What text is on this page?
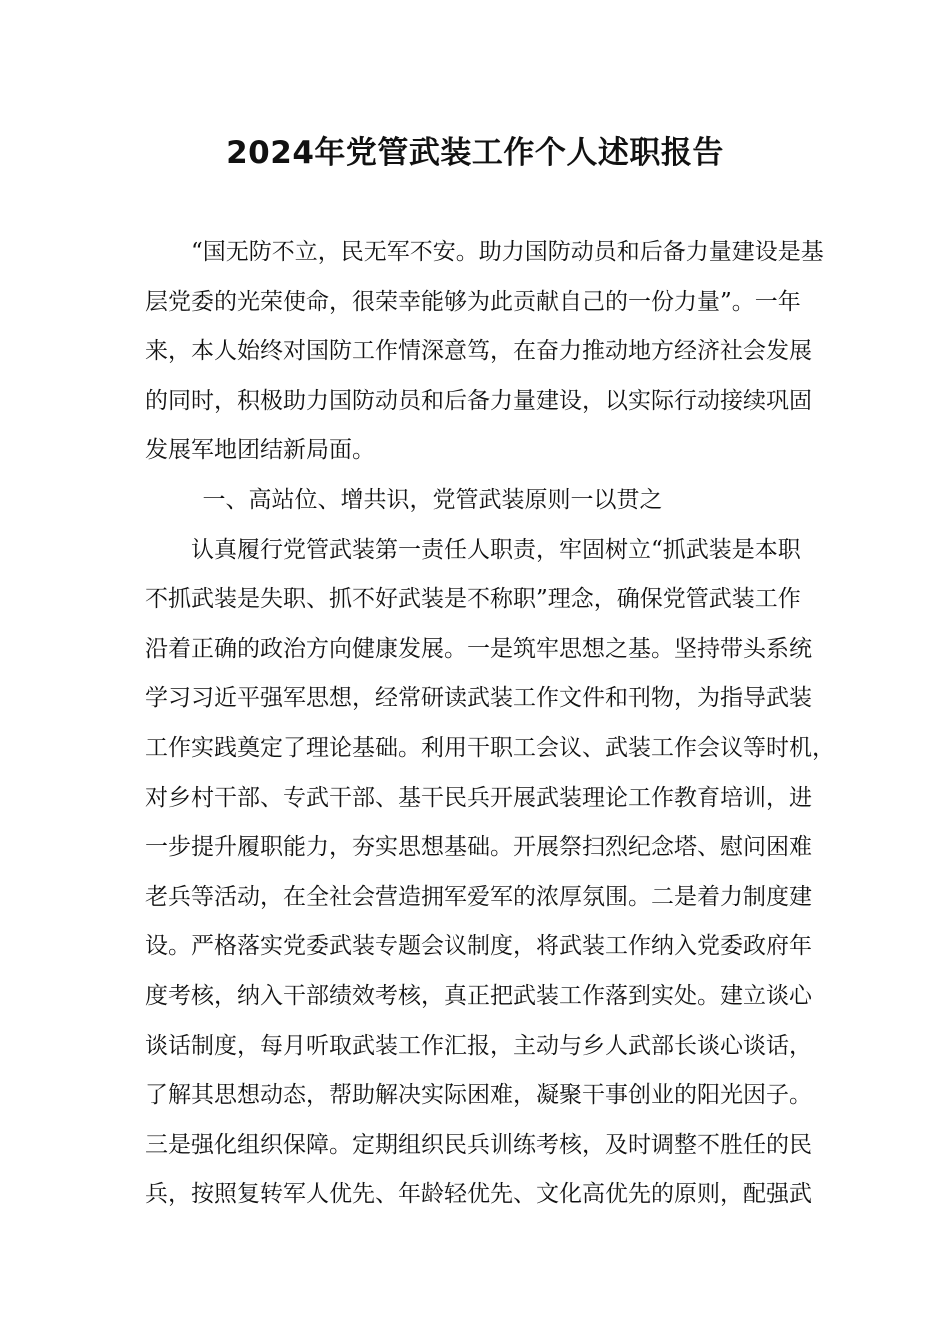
2024年党管武装工作个人述职报告

“国无防不立，民无军不安。助力国防动员和后备力量建设是基
层党委的光荣使命，很荣幸能够为此贡献自己的一份力量”。一年
来，本人始终对国防工作情深意笃，在奋力推动地方经济社会发展
的同时，积极助力国防动员和后备力量建设，以实际行动接续巩固
发展军地团结新局面。

一、高站位、增共识，党管武装原则一以贯之

认真履行党管武装第一责任人职责，牢固树立“抓武装是本职
不抓武装是失职、抓不好武装是不称职”理念，确保党管武装工作
沿着正确的政治方向健康发展。一是筑牢思想之基。坚持带头系统
学习习近平强军思想，经常研读武装工作文件和刊物，为指导武装
工作实践奠定了理论基础。利用干职工会议、武装工作会议等时机，
对乡村干部、专武干部、基干民兵开展武装理论工作教育培训，进
一步提升履职能力，夯实思想基础。开展祭扫烈纪念塔、慰问困难
老兵等活动，在全社会营造拥军爱军的浓厚氛围。二是着力制度建
设。严格落实党委武装专题会议制度，将武装工作纳入党委政府年
度考核，纳入干部绩效考核，真正把武装工作落到实处。建立谈心
谈话制度，每月听取武装工作汇报，主动与乡人武部长谈心谈话，
了解其思想动态，帮助解决实际困难，凝聚干事创业的阳光因子。
三是强化组织保障。定期组织民兵训练考核，及时调整不胜任的民
兵，按照复转军人优先、年龄轻优先、文化高优先的原则，配强武
